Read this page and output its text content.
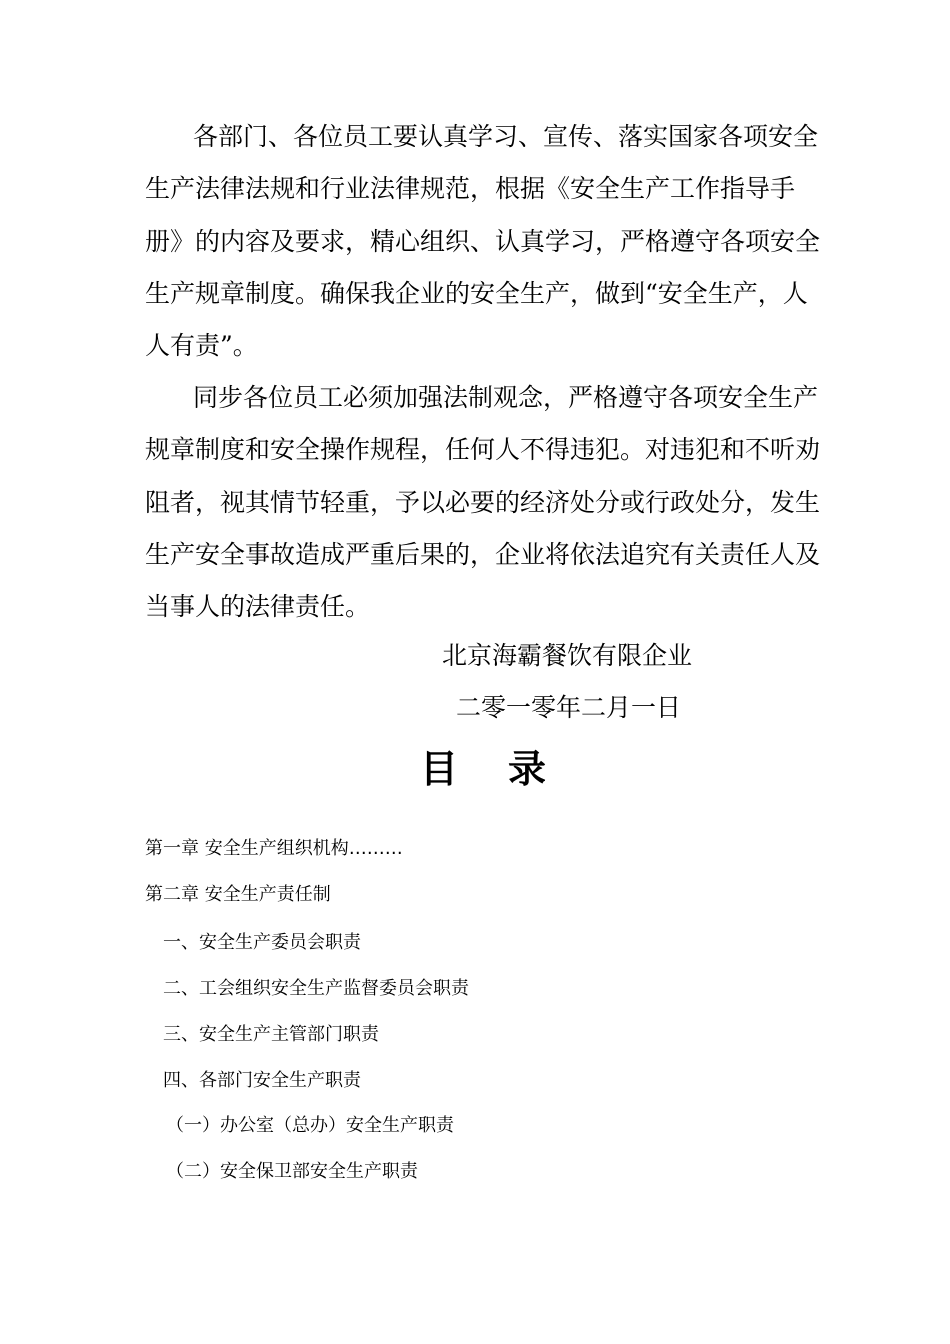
各部门、各位员工要认真学习、宣传、落实国家各项安全
生产法律法规和行业法律规范，根据《安全生产工作指导手
册》的内容及要求，精心组织、认真学习，严格遵守各项安全
生产规章制度。确保我企业的安全生产，做到“安全生产，人
人有责”。
同步各位员工必须加强法制观念，严格遵守各项安全生产
规章制度和安全操作规程，任何人不得违犯。对违犯和不听劝
阻者，视其情节轻重，予以必要的经济处分或行政处分，发生
生产安全事故造成严重后果的，企业将依法追究有关责任人及
当事人的法律责任。

北京海霸餐饮有限企业

二零一零年二月一日

目 录
第一章 安全生产组织机构………
第二章 安全生产责任制
一、安全生产委员会职责
二、工会组织安全生产监督委员会职责
三、安全生产主管部门职责
四、各部门安全生产职责
（一）办公室（总办）安全生产职责
（二）安全保卫部安全生产职责
